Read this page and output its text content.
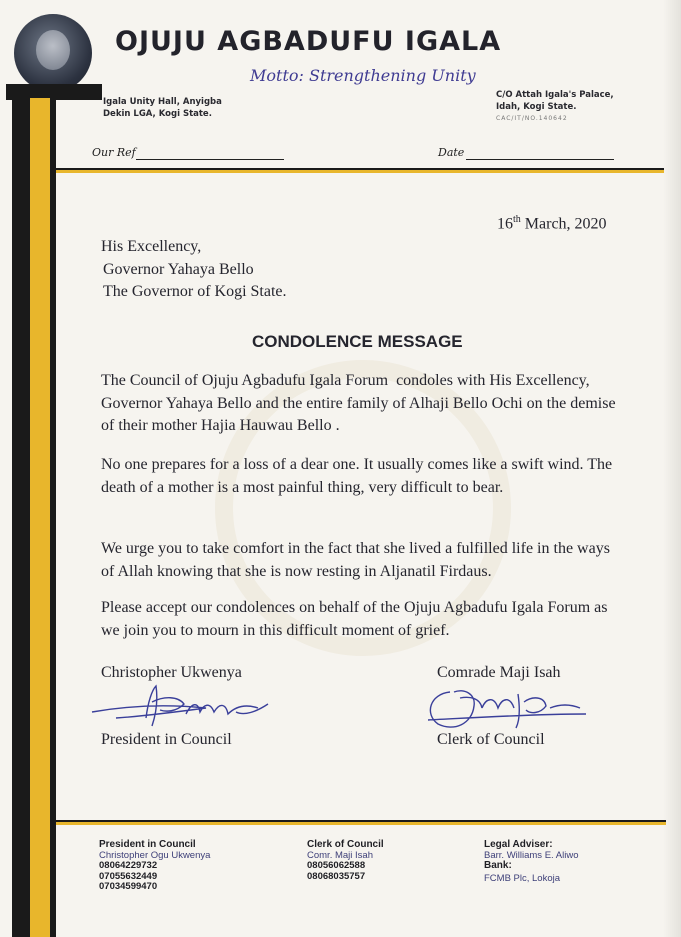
OJUJU AGBADUFU IGALA
Motto: Strengthening Unity
Igala Unity Hall, Anyigba
Dekin LGA, Kogi State.
C/O Attah Igala's Palace,
Idah, Kogi State.
CAC/IT/NO.140642
Our Ref	Date
16th March, 2020
His Excellency,
Governor Yahaya Bello
The Governor of Kogi State.
CONDOLENCE MESSAGE
The Council of Ojuju Agbadufu Igala Forum  condoles with His Excellency, Governor Yahaya Bello and the entire family of Alhaji Bello Ochi on the demise of their mother Hajia Hauwau Bello .
No one prepares for a loss of a dear one. It usually comes like a swift wind. The death of a mother is a most painful thing, very difficult to bear.
We urge you to take comfort in the fact that she lived a fulfilled life in the ways of Allah knowing that she is now resting in Aljanatil Firdaus.
Please accept our condolences on behalf of the Ojuju Agbadufu Igala Forum as we join you to mourn in this difficult moment of grief.
Christopher Ukwenya
President in Council
Comrade Maji Isah
Clerk of Council
President in Council
Christopher Ogu Ukwenya
08064229732
07055632449
07034599470
Clerk of Council
Comr. Maji Isah
08056062588
08068035757
Legal Adviser:
Barr. Williams E. Aliwo
Bank:
FCMB Plc, Lokoja
